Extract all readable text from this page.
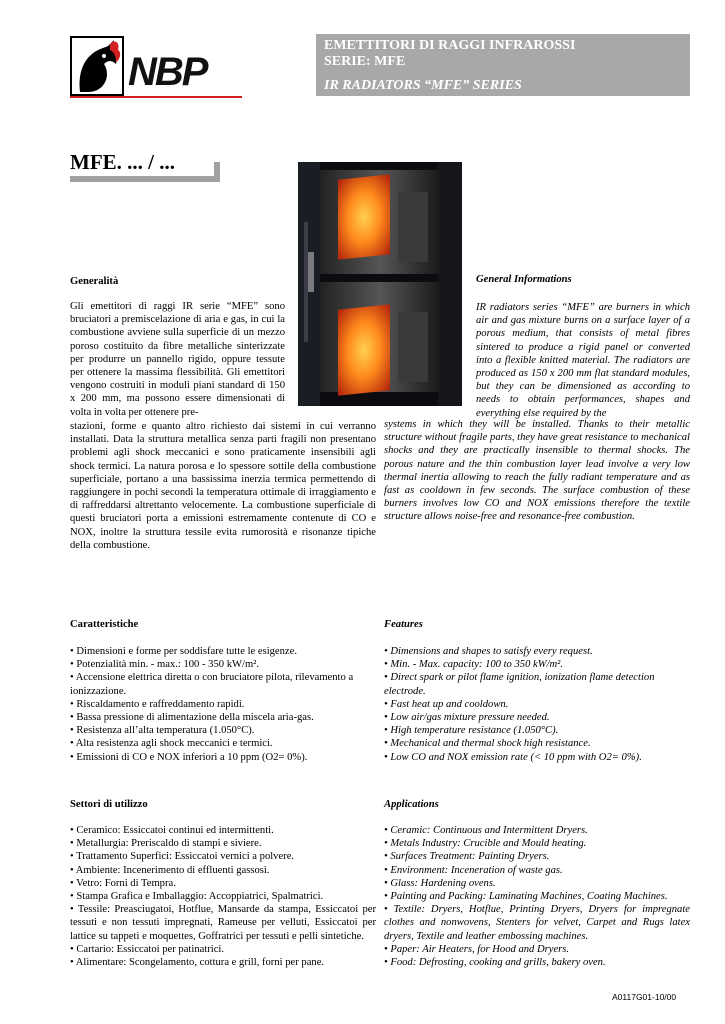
NBP
EMETTITORI DI RAGGI INFRAROSSI
SERIE: MFE
IR RADIATORS “MFE” SERIES
MFE. ... / ...
Generalità
Gli emettitori di raggi IR serie “MFE” sono bruciatori a premiscelazione di aria e gas, in cui la combustione avviene sulla superficie di un mezzo poroso costituito da fibre metalliche sinterizzate per produrre un pannello rigido, oppure tessute per ottenere la massima flessibilità. Gli emettitori vengono costruiti in moduli piani standard di 150 x 200 mm, ma possono essere dimensionati di volta in volta per ottenere pre-
stazioni, forme e quanto altro richiesto dai sistemi in cui verranno installati. Data la struttura metallica senza parti fragili non presentano problemi agli shock meccanici e sono praticamente insensibili agli shock termici. La natura porosa e lo spessore sottile della combustione superficiale, portano a una bassissima inerzia termica permettendo di raggiungere in pochi secondi la temperatura ottimale di irraggiamento e di raffreddarsi altrettanto velocemente. La combustione superficiale di questi bruciatori porta a emissioni estremamente contenute di CO e NOX, inoltre la struttura tessile evita rumorosità e risonanze tipiche della combustione.
General Informations
IR radiators series “MFE” are burners in which air and gas mixture burns on a surface layer of a porous medium, that consists of metal fibres sintered to produce a rigid panel or converted into a flexible knitted material. The radiators are produced as 150 x 200 mm flat standard modules, but they can be dimensioned as according to needs to obtain performances, shapes and everything else required by the
systems in which they will be installed. Thanks to their metallic structure without fragile parts, they have great resistance to mechanical shocks and they are practically insensible to thermal shocks. The porous nature and the thin combustion layer lead involve a very low thermal inertia allowing to reach the fully radiant temperature and as fast as cooldown in few seconds. The surface combustion of these burners involves low CO and NOX emissions therefore the textile structure allows noise-free and resonance-free combustion.
Caratteristiche
• Dimensioni e forme per soddisfare tutte le esigenze.
• Potenzialità min. - max.: 100 - 350 kW/m².
• Accensione elettrica diretta o con bruciatore pilota, rilevamento a ionizzazione.
• Riscaldamento e raffreddamento rapidi.
• Bassa pressione di alimentazione della miscela aria-gas.
• Resistenza all’alta temperatura (1.050°C).
• Alta resistenza agli shock meccanici e termici.
• Emissioni di CO e NOX inferiori a 10 ppm (O2= 0%).
Features
• Dimensions and shapes to satisfy every request.
• Min. - Max. capacity: 100 to 350 kW/m².
• Direct spark or pilot flame ignition, ionization flame detection electrode.
• Fast heat up and cooldown.
• Low air/gas mixture pressure needed.
• High temperature resistance (1.050°C).
• Mechanical and thermal shock high resistance.
• Low CO and NOX emission rate (< 10 ppm with O2= 0%).
Settori di utilizzo
• Ceramico: Essiccatoi continui ed intermittenti.
• Metallurgia: Preriscaldo di stampi e siviere.
• Trattamento Superfici: Essiccatoi vernici a polvere.
• Ambiente: Incenerimento di effluenti gassosi.
• Vetro: Forni di Tempra.
• Stampa Grafica e Imballaggio: Accoppiatrici, Spalmatrici.
• Tessile: Preasciugatoi, Hotflue, Mansarde da stampa, Essiccatoi per tessuti e non tessuti impregnati, Rameuse per velluti, Essiccatoi per lattice su tappeti e moquettes, Goffratrici per tessuti e pelli sintetiche.
• Cartario: Essiccatoi per patinatrici.
• Alimentare: Scongelamento, cottura e grill, forni per pane.
Applications
• Ceramic: Continuous and Intermittent Dryers.
• Metals Industry: Crucible and Mould heating.
• Surfaces Treatment: Painting Dryers.
• Environment: Inceneration of waste gas.
• Glass: Hardening ovens.
• Painting and Packing: Laminating Machines, Coating Machines.
• Textile: Dryers, Hotflue, Printing Dryers, Dryers for impregnate clothes and nonwovens, Stenters for velvet, Carpet and Rugs latex dryers, Textile and leather embossing machines.
• Paper: Air Heaters, for Hood and Dryers.
• Food: Defrosting, cooking and grills, bakery oven.
A0117G01-10/00
